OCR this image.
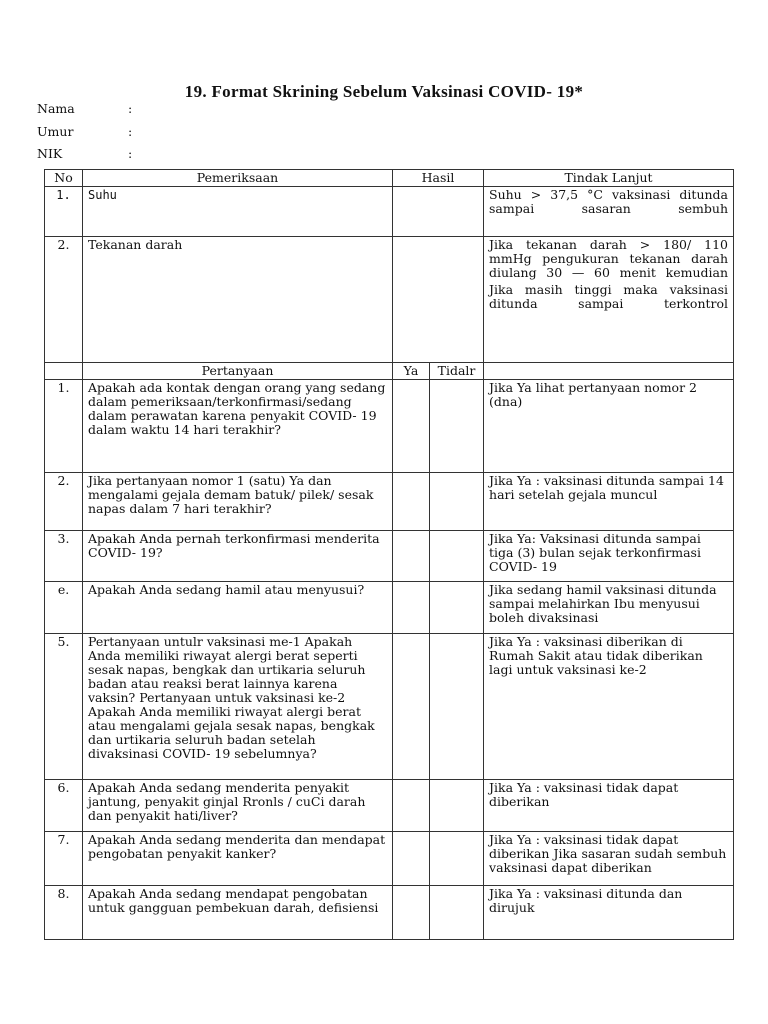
19. Format Skrining Sebelum Vaksinasi COVID- 19*
Nama	:
Umur	:
NIK	:
No	Pemeriksaan	Hasil		Tindak Lanjut
1.	Suhu			Suhu > 37,5 °C vaksinasi ditunda sampai sasaran sembuh
2.	Tekanan darah			Jika tekanan darah > 180/ 110 mmHg pengukuran tekanan darah diulang 30 — 60 menit kemudian

Jika masih tinggi maka vaksinasi ditunda sampai terkontrol

	Pertanyaan	Ya	Tidalr	
1.	Apakah ada kontak dengan orang yang sedang dalam pemeriksaan/terkonfirmasi/sedang dalam perawatan karena penyakit COVID- 19 dalam waktu 14 hari terakhir?			Jika Ya lihat pertanyaan nomor 2 (dna)
2.	Jika pertanyaan nomor 1 (satu) Ya dan mengalami gejala demam batuk/ pilek/ sesak napas dalam 7 hari terakhir?			Jika Ya : vaksinasi ditunda sampai 14 hari setelah gejala muncul
3.	Apakah Anda pernah terkonfirmasi menderita COVID- 19?			Jika Ya: Vaksinasi ditunda sampai tiga (3) bulan sejak terkonfirmasi COVID- 19
e.	Apakah Anda sedang hamil atau menyusui?			Jika sedang hamil vaksinasi ditunda sampai melahirkan Ibu menyusui boleh divaksinasi
5.	Pertanyaan untulr vaksinasi me-1 Apakah Anda memiliki riwayat alergi berat seperti sesak napas, bengkak dan urtikaria seluruh badan atau reaksi berat lainnya karena vaksin? Pertanyaan untuk vaksinasi ke-2 Apakah Anda memiliki riwayat alergi berat atau mengalami gejala sesak napas, bengkak dan urtikaria seluruh badan setelah divaksinasi COVID- 19 sebelumnya?			Jika Ya : vaksinasi diberikan di Rumah Sakit atau tidak diberikan lagi untuk vaksinasi ke-2
6.	Apakah Anda sedang menderita penyakit jantung, penyakit ginjal Rronls / cuCi darah dan penyakit hati/liver?			Jika Ya : vaksinasi tidak dapat diberikan
7.	Apakah Anda sedang menderita dan mendapat pengobatan penyakit kanker?			Jika Ya : vaksinasi tidak dapat diberikan Jika sasaran sudah sembuh vaksinasi dapat diberikan
8.	Apakah Anda sedang mendapat pengobatan untuk gangguan pembekuan darah, defisiensi			Jika Ya : vaksinasi ditunda dan dirujuk
